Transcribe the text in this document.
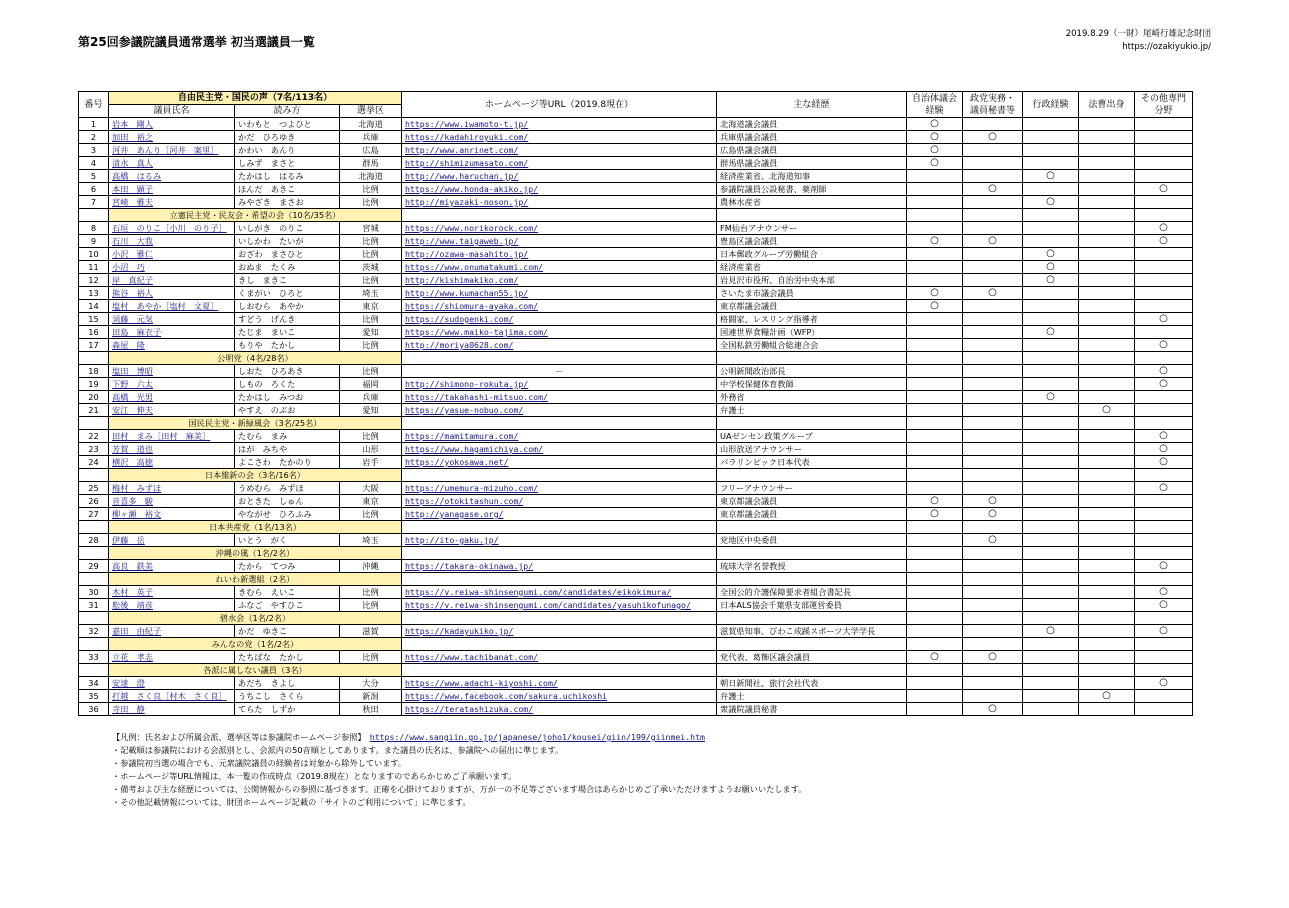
第25回参議院議員通常選挙 初当選議員一覧
2019.8.29（一財）尾崎行雄記念財団
https://ozakiyukio.jp/
番号	自由民主党・国民の声（7名/113名）			ホームページ等URL（2019.8現在）	主な経歴	自治体議会経験	政党実務・議員秘書等	行政経験	法曹出身	その他専門分野
	議員氏名	読み方	選挙区							
1	岩本　剛人	いわもと　つよひと	北海道	https://www.iwamoto-t.jp/	北海道議会議員	○				
2	加田　裕之	かだ　ひろゆき	兵庫	https://kadahiroyuki.com/	兵庫県議会議員	○	○			
3	河井　あんり［河井　案里］	かわい　あんり	広島	http://www.anrinet.com/	広島県議会議員	○				
4	清水　真人	しみず　まさと	群馬	http://shimizumasato.com/	群馬県議会議員	○				
5	高橋　はるみ	たかはし　はるみ	北海道	http://www.haruchan.jp/	経済産業省、北海道知事			○		
6	本田　顕子	ほんだ　あきこ	比例	https://www.honda-akiko.jp/	参議院議員公設秘書、薬剤師		○			○
7	宮崎　雅夫	みやざき　まさお	比例	http://miyazaki-noson.jp/	農林水産省			○		
	立憲民主党・民友会・希望の会（10名/35名）									
8	石垣　のりこ［小川　のり子］	いしがき　のりこ	宮城	https://www.norikorock.com/	FM仙台アナウンサー					○
9	石川　大我	いしかわ　たいが	比例	http://www.taigaweb.jp/	豊島区議会議員	○	○			○
10	小沢　雅仁	おざわ　まさひと	比例	http://ozawa-masahito.jp/	日本郵政グループ労働組合			○		
11	小沼　巧	おぬま　たくみ	茨城	https://www.onumatakumi.com/	経済産業省			○		
12	岸　真紀子	きし　まきこ	比例	http://kishimakiko.com/	岩見沢市役所、自治労中央本部			○		
13	熊谷　裕人	くまがい　ひろと	埼玉	http://www.kumachan55.jp/	さいたま市議会議員	○	○			
14	塩村　あやか［塩村　文夏］	しおむら　あやか	東京	https://shiomura-ayaka.com/	東京都議会議員	○				
15	須藤　元気	すどう　げんき	比例	https://sudogenki.com/	格闘家、レスリング指導者					○
16	田島　麻衣子	たじま　まいこ	愛知	https://www.maiko-tajima.com/	国連世界食糧計画（WFP）			○		
17	森屋　隆	もりや　たかし	比例	http://moriya0628.com/	全国私鉄労働組合総連合会					○
	公明党（4名/28名）									
18	塩田　博昭	しおた　ひろあき	比例	－	公明新聞政治部長					○
19	下野　六太	しもの　ろくた	福岡	http://shimono-rokuta.jp/	中学校保健体育教師					○
20	高橋　光男	たかはし　みつお	兵庫	https://takahashi-mitsuo.com/	外務省			○		
21	安江　伸夫	やすえ　のぶお	愛知	https://yasue-nobuo.com/	弁護士				○	
	国民民主党・新緑風会（3名/25名）									
22	田村　まみ［田村　麻美］	たむら　まみ	比例	https://mamitamura.com/	UAゼンセン政策グループ					○
23	芳賀　道也	はが　みちや	山形	https://www.hagamichiya.com/	山形放送アナウンサー					○
24	横沢　高徳	よこさわ　たかのり	岩手	https://yokosawa.net/	パラリンピック日本代表					○
	日本維新の会（3名/16名）									
25	梅村　みずほ	うめむら　みずほ	大阪	https://umemura-mizuho.com/	フリーアナウンサー					○
26	音喜多　駿	おときた　しゅん	東京	https://otokitashun.com/	東京都議会議員	○	○			
27	柳ヶ瀬　裕文	やながせ　ひろふみ	比例	http://yanagase.org/	東京都議会議員	○	○			
	日本共産党（1名/13名）									
28	伊藤　岳	いとう　がく	埼玉	http://ito-gaku.jp/	党地区中央委員		○			
	沖縄の風（1名/2名）									
29	高良　鉄美	たから　てつみ	沖縄	https://takara-okinawa.jp/	琉球大学名誉教授					○
	れいわ新選組（2名）									
30	木村　英子	きむら　えいこ	比例	https://v.reiwa-shinsengumi.com/candidates/eikokimura/	全国公的介護保障要求者組合書記長					○
31	舩後　靖彦	ふなご　やすひこ	比例	https://v.reiwa-shinsengumi.com/candidates/yasuhikofunago/	日本ALS協会千葉県支部運営委員					○
	碧水会（1名/2名）									
32	嘉田　由紀子	かだ　ゆきこ	滋賀	https://kadayukiko.jp/	滋賀県知事、びわこ成蹊スポーツ大学学長			○		○
	みんなの党（1名/2名）									
33	立花　孝志	たちばな　たかし	比例	https://www.tachibanat.com/	党代表、葛飾区議会議員	○	○			
	各派に属しない議員（3名）									
34	安達　澄	あだち　きよし	大分	https://www.adachi-kiyoshi.com/	朝日新聞社、旅行会社代表					○
35	打越　さく良［村木　さく良］	うちこし　さくら	新潟	https://www.facebook.com/sakura.uchikoshi	弁護士				○	
36	寺田　静	てらた　しずか	秋田	https://teratashizuka.com/	衆議院議員秘書		○			
【凡例：氏名および所属会派、選挙区等は参議院ホームページ参照】　 https://www.sangiin.go.jp/japanese/joho1/kousei/giin/199/giinmei.htm
・記載順は参議院における会派別とし、会派内の50音順としてあります。また議員の氏名は、参議院への届出に準じます。
・参議院初当選の場合でも、元衆議院議員の経験者は対象から除外しています。
・ホームページ等URL情報は、本一覧の作成時点（2019.8現在）となりますのであらかじめご了承願います。
・備考および主な経歴については、公開情報からの参照に基づきます。正確を心掛けておりますが、万が一の不足等ございます場合はあらかじめご了承いただけますようお願いいたします。
・その他記載情報については、財団ホームページ記載の「サイトのご利用について」に準じます。
